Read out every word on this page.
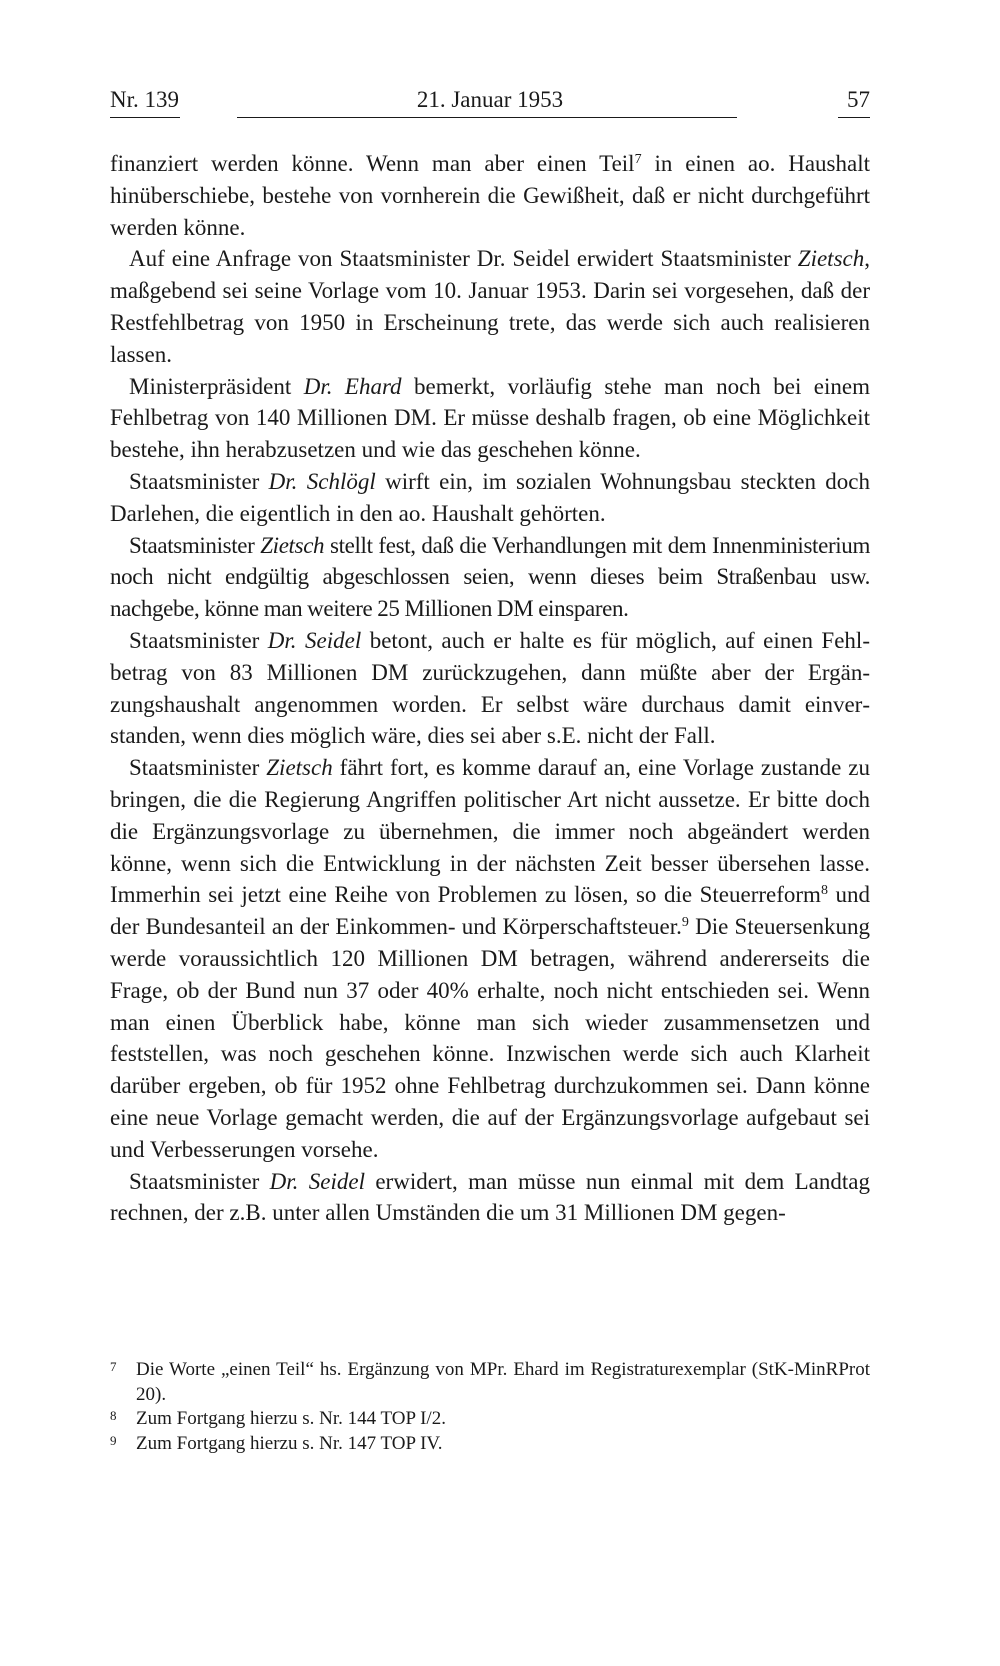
Nr. 139	21. Januar 1953	57

finanziert werden könne. Wenn man aber einen Teil$^7$ in einen ao. Haushalt hinüberschiebe, bestehe von vornherein die Gewißheit, daß er nicht durchgeführt werden könne.

Auf eine Anfrage von Staatsminister Dr. Seidel erwidert Staatsminister Zietsch, maßgebend sei seine Vorlage vom 10. Januar 1953. Darin sei vorgesehen, daß der Restfehlbetrag von 1950 in Erscheinung trete, das werde sich auch realisieren lassen.

Ministerpräsident Dr. Ehard bemerkt, vorläufig stehe man noch bei einem Fehlbetrag von 140 Millionen DM. Er müsse deshalb fragen, ob eine Möglichkeit bestehe, ihn herabzusetzen und wie das geschehen könne.

Staatsminister Dr. Schlögl wirft ein, im sozialen Wohnungsbau steckten doch Darlehen, die eigentlich in den ao. Haushalt gehörten.

Staatsminister Zietsch stellt fest, daß die Verhandlungen mit dem Innenministerium noch nicht endgültig abgeschlossen seien, wenn dieses beim Straßenbau usw. nachgebe, könne man weitere 25 Millionen DM einsparen.

Staatsminister Dr. Seidel betont, auch er halte es für möglich, auf einen Fehlbetrag von 83 Millionen DM zurückzugehen, dann müßte aber der Ergänzungshaushalt angenommen worden. Er selbst wäre durchaus damit einverstanden, wenn dies möglich wäre, dies sei aber s.E. nicht der Fall.

Staatsminister Zietsch fährt fort, es komme darauf an, eine Vorlage zustande zu bringen, die die Regierung Angriffen politischer Art nicht aussetze. Er bitte doch die Ergänzungsvorlage zu übernehmen, die immer noch abgeändert werden könne, wenn sich die Entwicklung in der nächsten Zeit besser übersehen lasse. Immerhin sei jetzt eine Reihe von Problemen zu lösen, so die Steuerreform$^8$ und der Bundesanteil an der Einkommen- und Körperschaftsteuer.$^9$ Die Steuersenkung werde voraussichtlich 120 Millionen DM betragen, während andererseits die Frage, ob der Bund nun 37 oder 40% erhalte, noch nicht entschieden sei. Wenn man einen Überblick habe, könne man sich wieder zusammensetzen und feststellen, was noch geschehen könne. Inzwischen werde sich auch Klarheit darüber ergeben, ob für 1952 ohne Fehlbetrag durchzukommen sei. Dann könne eine neue Vorlage gemacht werden, die auf der Ergänzungsvorlage aufgebaut sei und Verbesserungen vorsehe.

Staatsminister Dr. Seidel erwidert, man müsse nun einmal mit dem Landtag rechnen, der z.B. unter allen Umständen die um 31 Millionen DM gegen-

7	Die Worte „einen Teil“ hs. Ergänzung von MPr. Ehard im Registraturexemplar (StK-MinRProt 20).
8	Zum Fortgang hierzu s. Nr. 144 TOP I/2.
9	Zum Fortgang hierzu s. Nr. 147 TOP IV.
